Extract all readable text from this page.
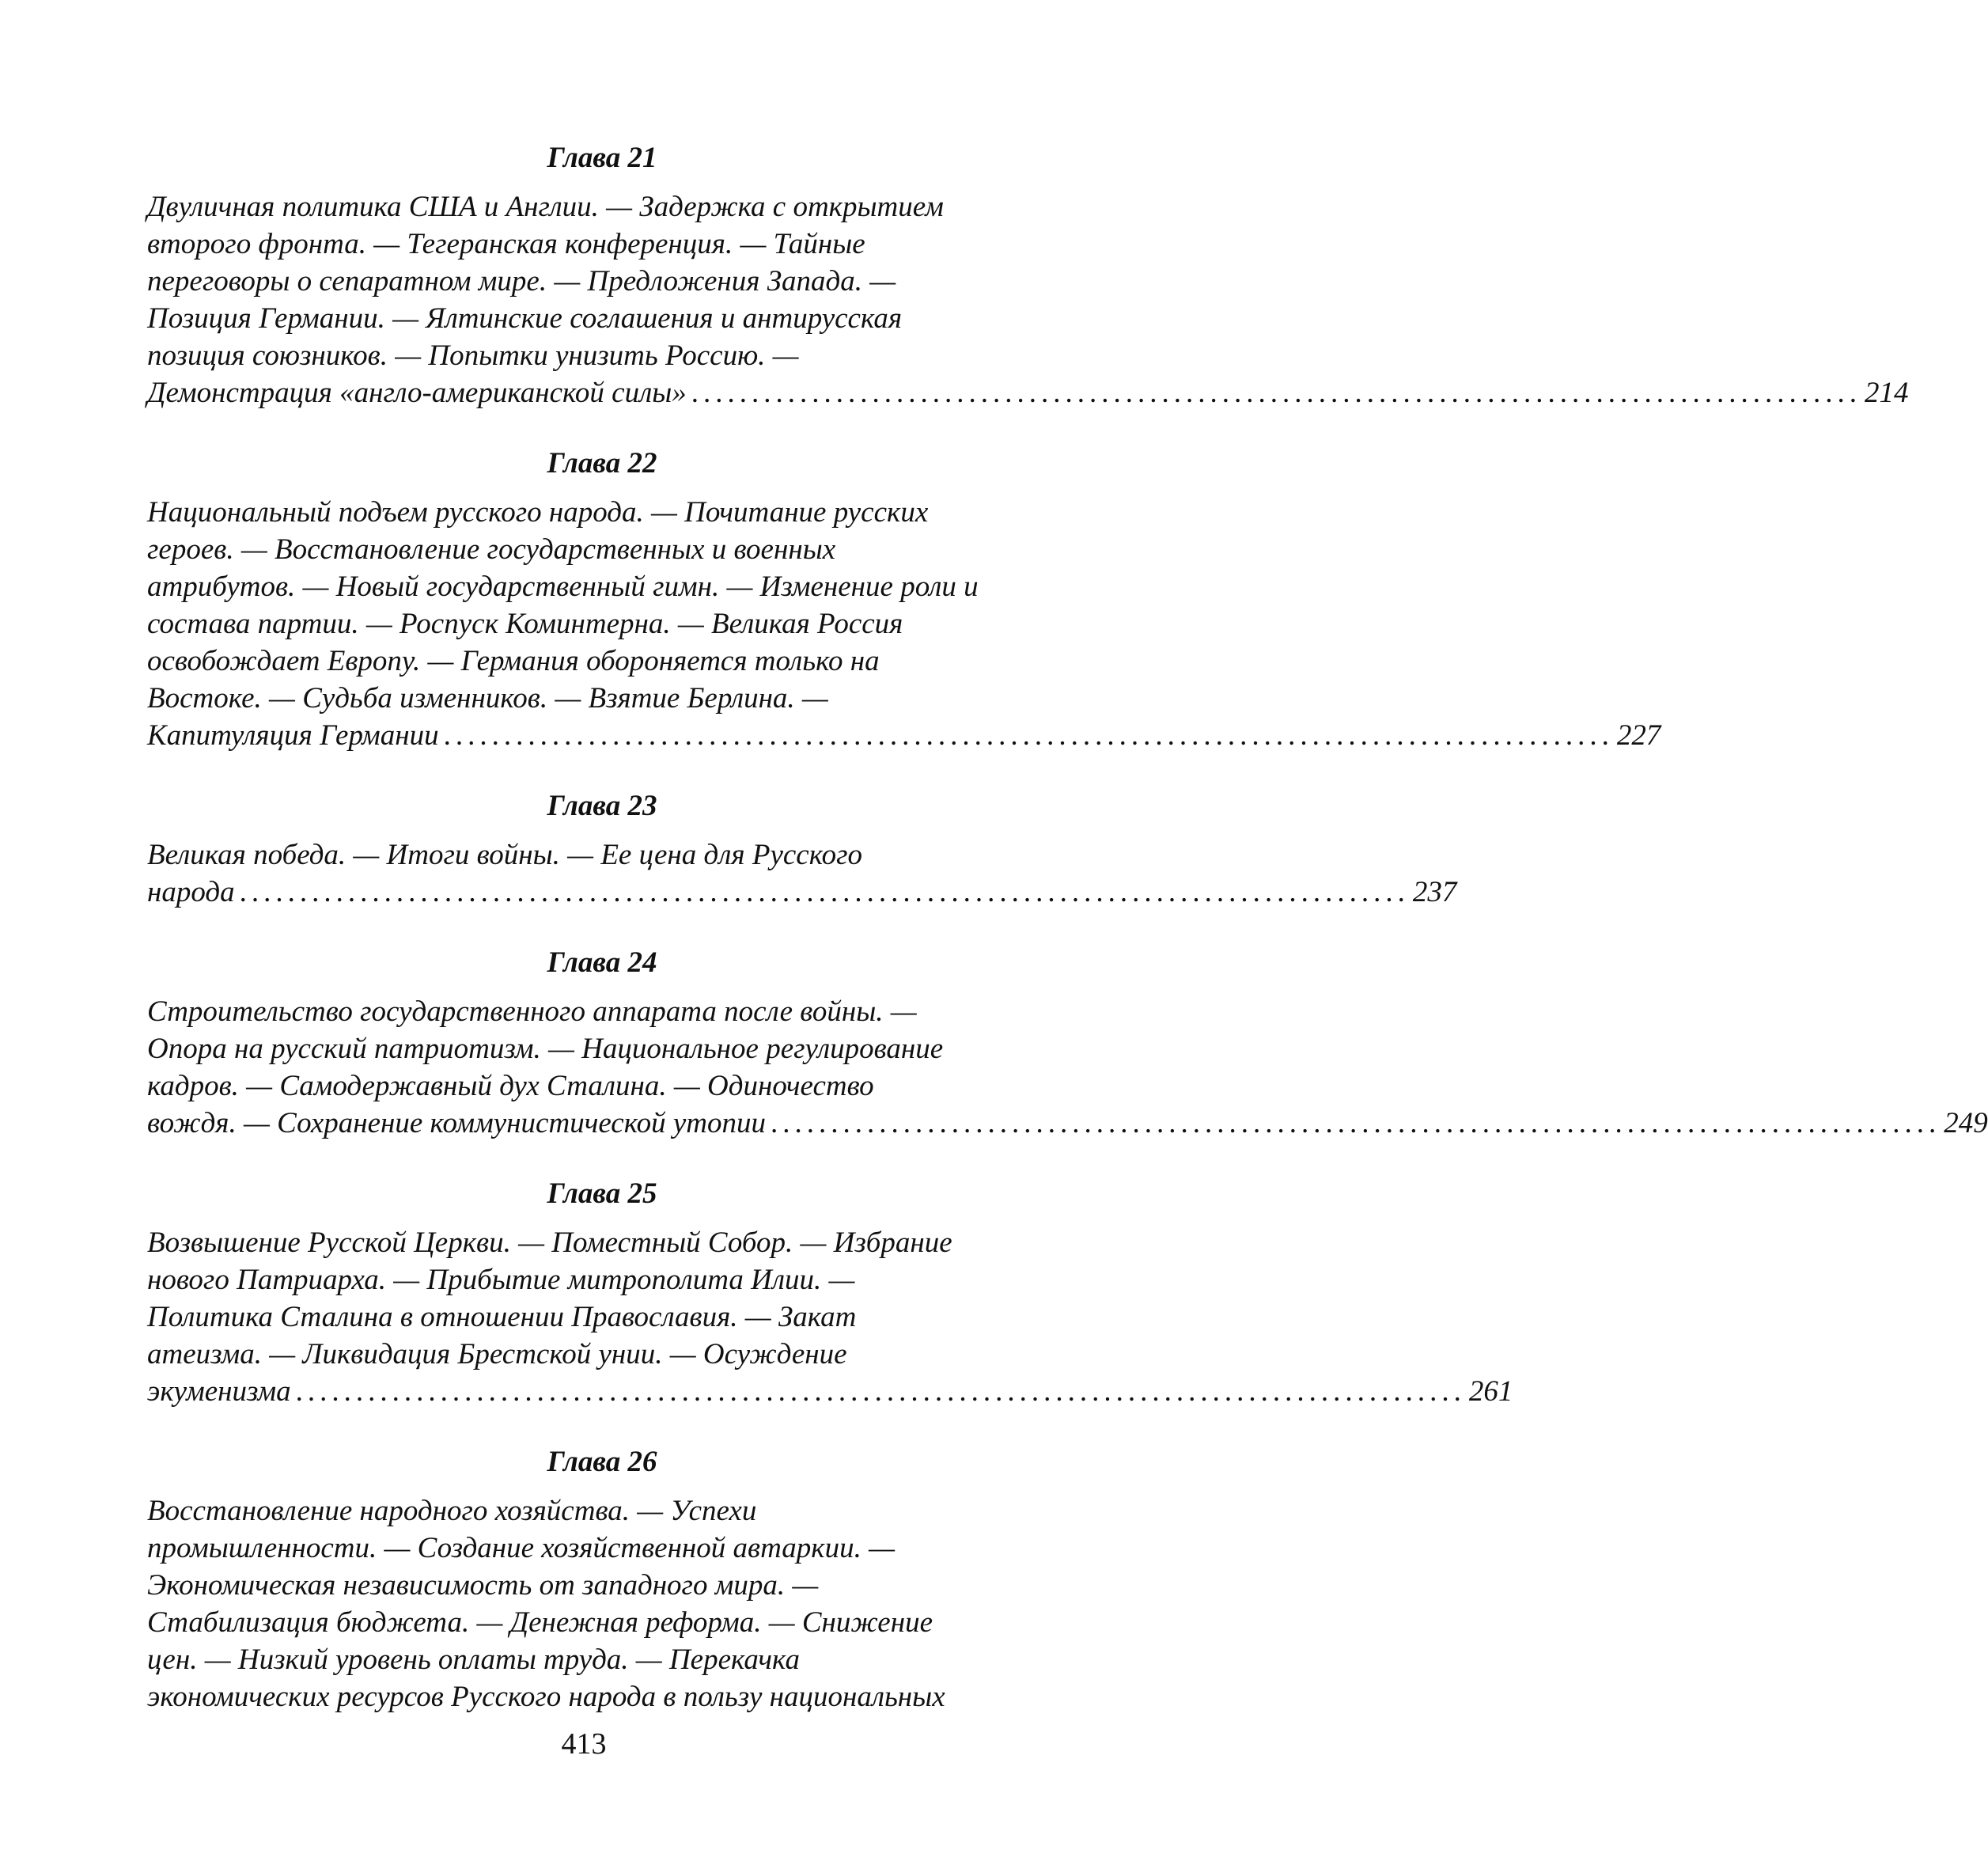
Глава 21
Двуличная политика США и Англии. — Задержка с открытием
второго фронта. — Тегеранская конференция. — Тайные
переговоры о сепаратном мире. — Предложения Запада. —
Позиция Германии. — Ялтинские соглашения и антирусская
позиция союзников. — Попытки унизить Россию. —
Демонстрация «англо-американской силы» ................................................................................................. 214
Глава 22
Национальный подъем русского народа. — Почитание русских
героев. — Восстановление государственных и военных
атрибутов. — Новый государственный гимн. — Изменение роли и
состава партии. — Роспуск Коминтерна. — Великая Россия
освобождает Европу. — Германия обороняется только на
Востоке. — Судьба изменников. — Взятие Берлина. —
Капитуляция Германии ................................................................................................. 227
Глава 23
Великая победа. — Итоги войны. — Ее цена для Русского
народа ................................................................................................. 237
Глава 24
Строительство государственного аппарата после войны. —
Опора на русский патриотизм. — Национальное регулирование
кадров. — Самодержавный дух Сталина. — Одиночество
вождя. — Сохранение коммунистической утопии ................................................................................................. 249
Глава 25
Возвышение Русской Церкви. — Поместный Собор. — Избрание
нового Патриарха. — Прибытие митрополита Илии. —
Политика Сталина в отношении Православия. — Закат
атеизма. — Ликвидация Брестской унии. — Осуждение
экуменизма ................................................................................................. 261
Глава 26
Восстановление народного хозяйства. — Успехи
промышленности. — Создание хозяйственной автаркии. —
Экономическая независимость от западного мира. —
Стабилизация бюджета. — Денежная реформа. — Снижение
цен. — Низкий уровень оплаты труда. — Перекачка
экономических ресурсов Русского народа в пользу национальных
413
